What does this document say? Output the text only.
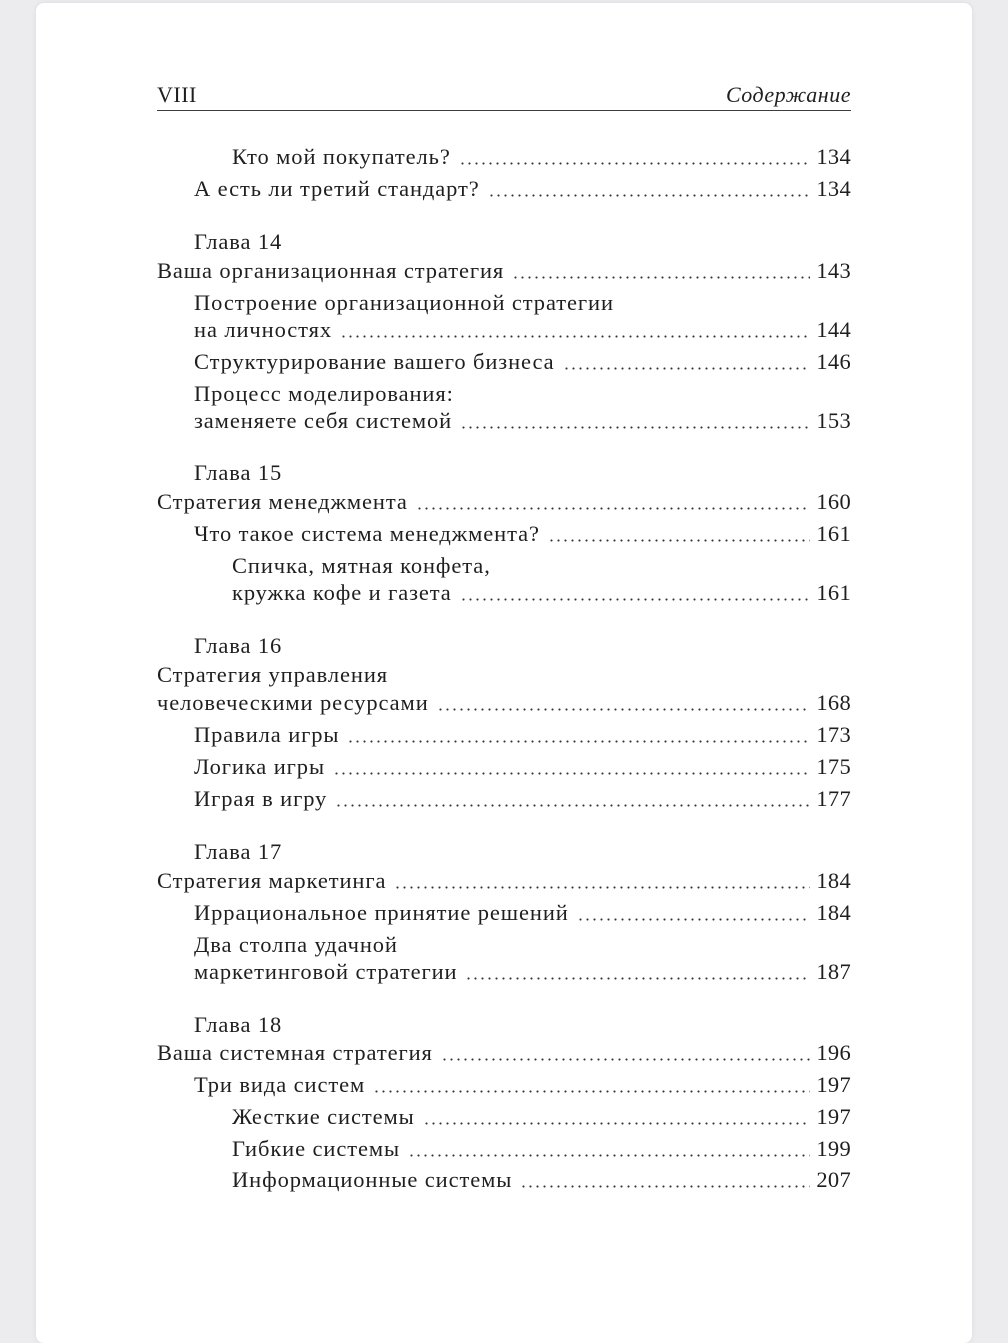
VIII	Содержание
Кто мой покупатель?	134
А есть ли третий стандарт?	134
Глава 14
Ваша организационная стратегия	143
Построение организационной стратегии
на личностях	144
Структурирование вашего бизнеса	146
Процесс моделирования:
заменяете себя системой	153
Глава 15
Стратегия менеджмента	160
Что такое система менеджмента?	161
Спичка, мятная конфета,
кружка кофе и газета	161
Глава 16
Стратегия управления
человеческими ресурсами	168
Правила игры	173
Логика игры	175
Играя в игру	177
Глава 17
Стратегия маркетинга	184
Иррациональное принятие решений	184
Два столпа удачной
маркетинговой стратегии	187
Глава 18
Ваша системная стратегия	196
Три вида систем	197
Жесткие системы	197
Гибкие системы	199
Информационные системы	207
